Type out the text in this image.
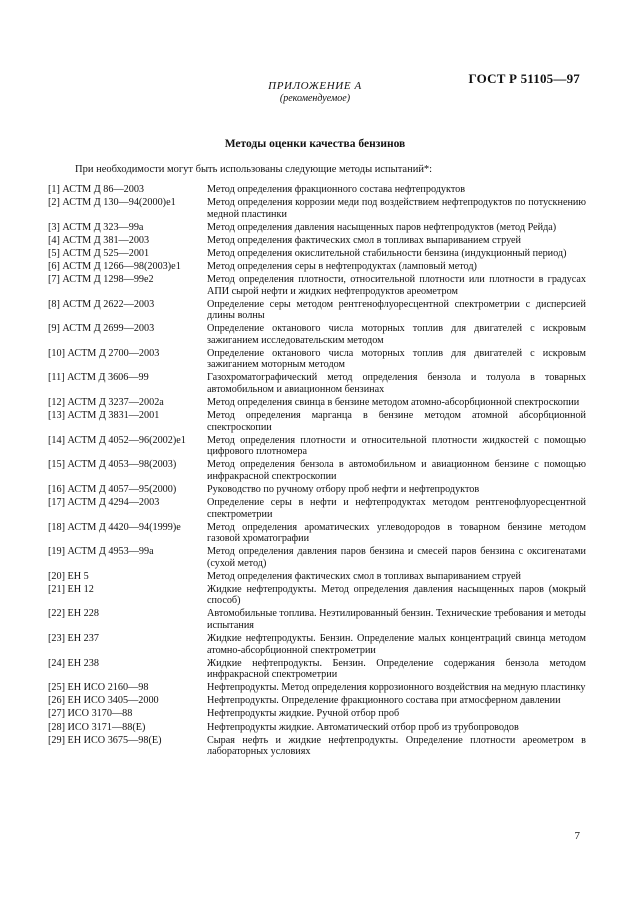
ГОСТ Р 51105—97
ПРИЛОЖЕНИЕ А
(рекомендуемое)
Методы оценки качества бензинов
При необходимости могут быть использованы следующие методы испытаний*:
[1] АСТМ Д 86—2003	Метод определения фракционного состава нефтепродуктов
[2] АСТМ Д 130—94(2000)е1	Метод определения коррозии меди под воздействием нефтепродуктов по потускнению медной пластинки
[3] АСТМ Д 323—99а	Метод определения давления насыщенных паров нефтепродуктов (метод Рейда)
[4] АСТМ Д 381—2003	Метод определения фактических смол в топливах выпариванием струей
[5] АСТМ Д 525—2001	Метод определения окислительной стабильности бензина (индукционный период)
[6] АСТМ Д 1266—98(2003)е1	Метод определения серы в нефтепродуктах (ламповый метод)
[7] АСТМ Д 1298—99е2	Метод определения плотности, относительной плотности или плотности в градусах АПИ сырой нефти и жидких нефтепродуктов ареометром
[8] АСТМ Д 2622—2003	Определение серы методом рентгенофлуоресцентной спектрометрии с дисперсией длины волны
[9] АСТМ Д 2699—2003	Определение октанового числа моторных топлив для двигателей с искровым зажиганием исследовательским методом
[10] АСТМ Д 2700—2003	Определение октанового числа моторных топлив для двигателей с искровым зажиганием моторным методом
[11] АСТМ Д 3606—99	Газохроматографический метод определения бензола и толуола в товарных автомобильном и авиационном бензинах
[12] АСТМ Д 3237—2002а	Метод определения свинца в бензине методом атомно-абсорбционной спектроскопии
[13] АСТМ Д 3831—2001	Метод определения марганца в бензине методом атомной абсорбционной спектроскопии
[14] АСТМ Д 4052—96(2002)е1	Метод определения плотности и относительной плотности жидкостей с помощью цифрового плотномера
[15] АСТМ Д 4053—98(2003)	Метод определения бензола в автомобильном и авиационном бензине с помощью инфракрасной спектроскопии
[16] АСТМ Д 4057—95(2000)	Руководство по ручному отбору проб нефти и нефтепродуктов
[17] АСТМ Д 4294—2003	Определение серы в нефти и нефтепродуктах методом рентгенофлуоресцентной спектрометрии
[18] АСТМ Д 4420—94(1999)е	Метод определения ароматических углеводородов в товарном бензине методом газовой хроматографии
[19] АСТМ Д 4953—99а	Метод определения давления паров бензина и смесей паров бензина с оксигенатами (сухой метод)
[20] ЕН 5	Метод определения фактических смол в топливах выпариванием струей
[21] ЕН 12	Жидкие нефтепродукты. Метод определения давления насыщенных паров (мокрый способ)
[22] ЕН 228	Автомобильные топлива. Неэтилированный бензин. Технические требования и методы испытания
[23] ЕН 237	Жидкие нефтепродукты. Бензин. Определение малых концентраций свинца методом атомно-абсорбционной спектрометрии
[24] ЕН 238	Жидкие нефтепродукты. Бензин. Определение содержания бензола методом инфракрасной спектрометрии
[25] ЕН ИСО 2160—98	Нефтепродукты. Метод определения коррозионного воздействия на медную пластинку
[26] ЕН ИСО 3405—2000	Нефтепродукты. Определение фракционного состава при атмосферном давлении
[27] ИСО 3170—88	Нефтепродукты жидкие. Ручной отбор проб
[28] ИСО 3171—88(Е)	Нефтепродукты жидкие. Автоматический отбор проб из трубопроводов
[29] ЕН ИСО 3675—98(Е)	Сырая нефть и жидкие нефтепродукты. Определение плотности ареометром в лабораторных условиях
7
